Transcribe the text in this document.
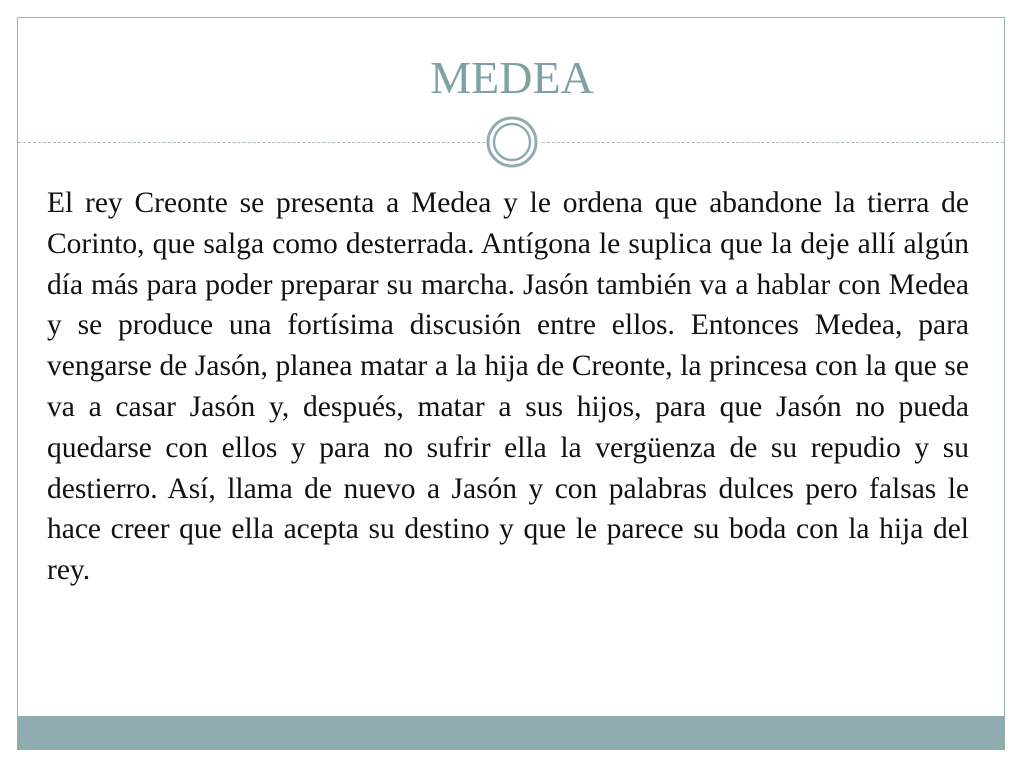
MEDEA

El rey Creonte se presenta a Medea y le ordena que abandone la tierra de Corinto, que salga como desterrada. Antígona le suplica que la deje allí algún día más para poder preparar su marcha. Jasón también va a hablar con Medea y se produce una fortísima discusión entre ellos. Entonces Medea, para vengarse de Jasón, planea matar a la hija de Creonte, la princesa con la que se va a casar Jasón y, después, matar a sus hijos, para que Jasón no pueda quedarse con ellos y para no sufrir ella la vergüenza de su repudio y su destierro. Así, llama de nuevo a Jasón y con palabras dulces pero falsas le hace creer que ella acepta su destino y que le parece su boda con la hija del rey.
